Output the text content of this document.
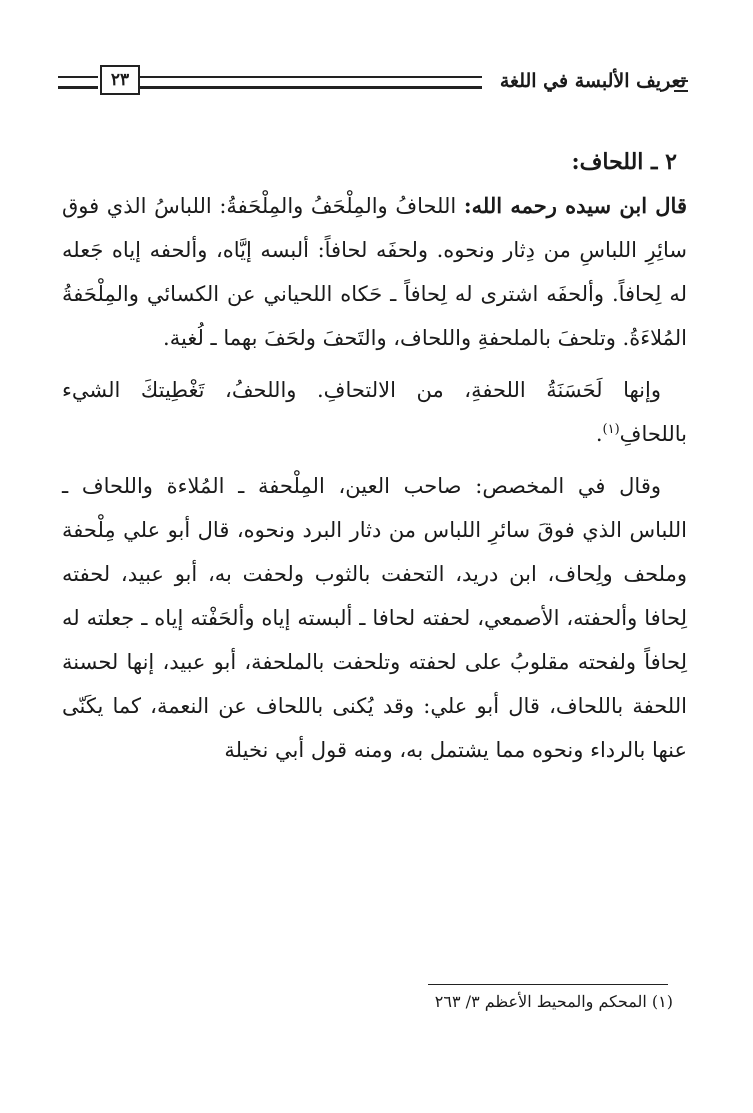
تعريف الألبسة في اللغة
٢٣
٢ ـ اللحاف:

قال ابن سيده رحمه الله: اللحافُ والمِلْحَفُ والمِلْحَفةُ: اللباسُ الذي فوق سائِرِ اللباسِ من دِثار ونحوه. ولحفَه لحافاً: ألبسه إيَّاه، وألحفه إياه جَعله له لِحافاً. وألحفَه اشترى له لِحافاً ـ حَكاه اللحياني عن الكسائي والمِلْحَفةُ المُلاءَةُ. وتلحفَ بالملحفةِ واللحاف، والتَحفَ ولحَفَ بهما ـ لُغية.

وإنها لَحَسَنَةُ اللحفةِ، من الالتحافِ. واللحفُ، تَغْطِيتكَ الشيء باللحافِ$^{(١)}$.

وقال في المخصص: صاحب العين، المِلْحفة ـ المُلاءة واللحاف ـ اللباس الذي فوقَ سائرِ اللباس من دثار البرد ونحوه، قال أبو علي مِلْحفة وملحف ولِحاف، ابن دريد، التحفت بالثوب ولحفت به، أبو عبيد، لحفته لِحافا وألحفته، الأصمعي، لحفته لحافا ـ ألبسته إياه وألحَفْته إياه ـ جعلته له لِحافاً ولفحته مقلوبُ على لحفته وتلحفت بالملحفة، أبو عبيد، إنها لحسنة اللحفة باللحاف، قال أبو علي: وقد يُكنى باللحاف عن النعمة، كما يكَنّى عنها بالرداء ونحوه مما يشتمل به، ومنه قول أبي نخيلة

(١) المحكم والمحيط الأعظم ٣/ ٢٦٣
